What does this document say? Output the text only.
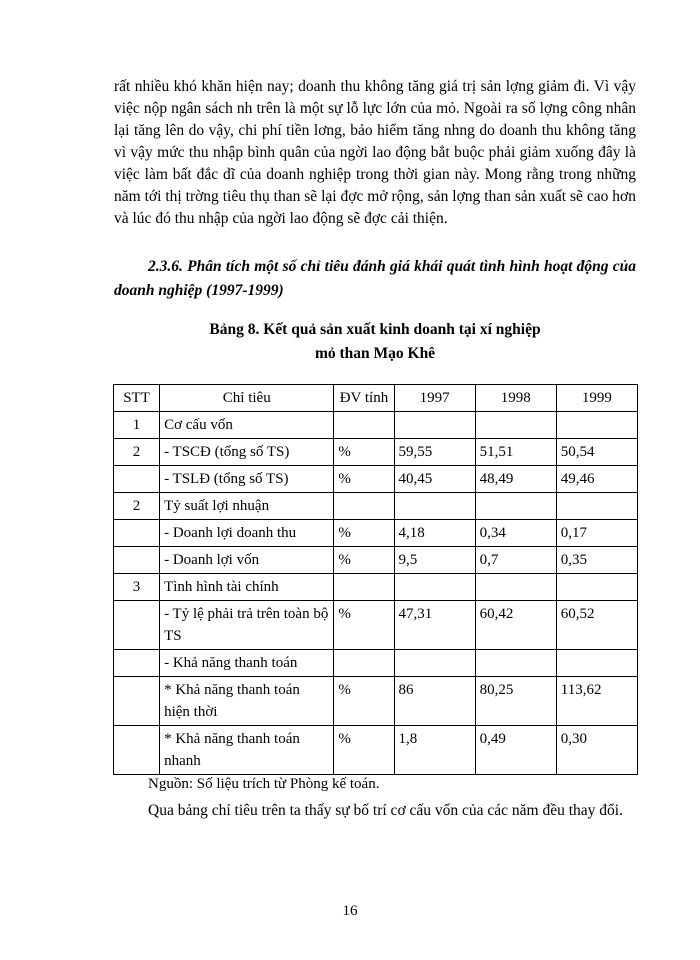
rất nhiều khó khăn hiện nay; doanh thu không tăng giá trị sản lợng giảm đi. Vì vậy việc nộp ngân sách nh trên là một sự lỗ lực lớn của mỏ. Ngoài ra số lợng công nhân lại tăng lên do vậy, chi phí tiền lơng, bảo hiểm tăng nhng do doanh thu không tăng vì vậy mức thu nhập bình quân của ngời lao động bắt buộc phải giảm xuống đây là việc làm bất đắc dĩ của doanh nghiệp trong thời gian này. Mong rằng trong những năm tới thị trờng tiêu thụ than sẽ lại đợc mở rộng, sản lợng than sản xuất sẽ cao hơn và lúc đó thu nhập của ngời lao động sẽ đợc cải thiện.

2.3.6. Phân tích một số chỉ tiêu đánh giá khái quát tình hình hoạt động của doanh nghiệp (1997-1999)

Bảng 8. Kết quả sản xuất kinh doanh tại xí nghiệp
mỏ than Mạo Khê
STT	Chỉ tiêu	ĐV tính	1997	1998	1999
1	Cơ cấu vốn				
2	- TSCĐ (tổng số TS)	%	59,55	51,51	50,54
	- TSLĐ (tổng số TS)	%	40,45	48,49	49,46
2	Tỷ suất lợi nhuận				
	- Doanh lợi doanh thu	%	4,18	0,34	0,17
	- Doanh lợi vốn	%	9,5	0,7	0,35
3	Tình hình tài chính				
	- Tỷ lệ phải trả trên toàn bộ TS	%	47,31	60,42	60,52
	- Khả năng thanh toán				
	* Khả năng thanh toán hiện thời	%	86	80,25	113,62
	* Khả năng thanh toán nhanh	%	1,8	0,49	0,30

Nguồn: Số liệu trích từ Phòng kế toán.

Qua bảng chỉ tiêu trên ta thấy sự bố trí cơ cấu vốn của các năm đều thay đổi.

16
